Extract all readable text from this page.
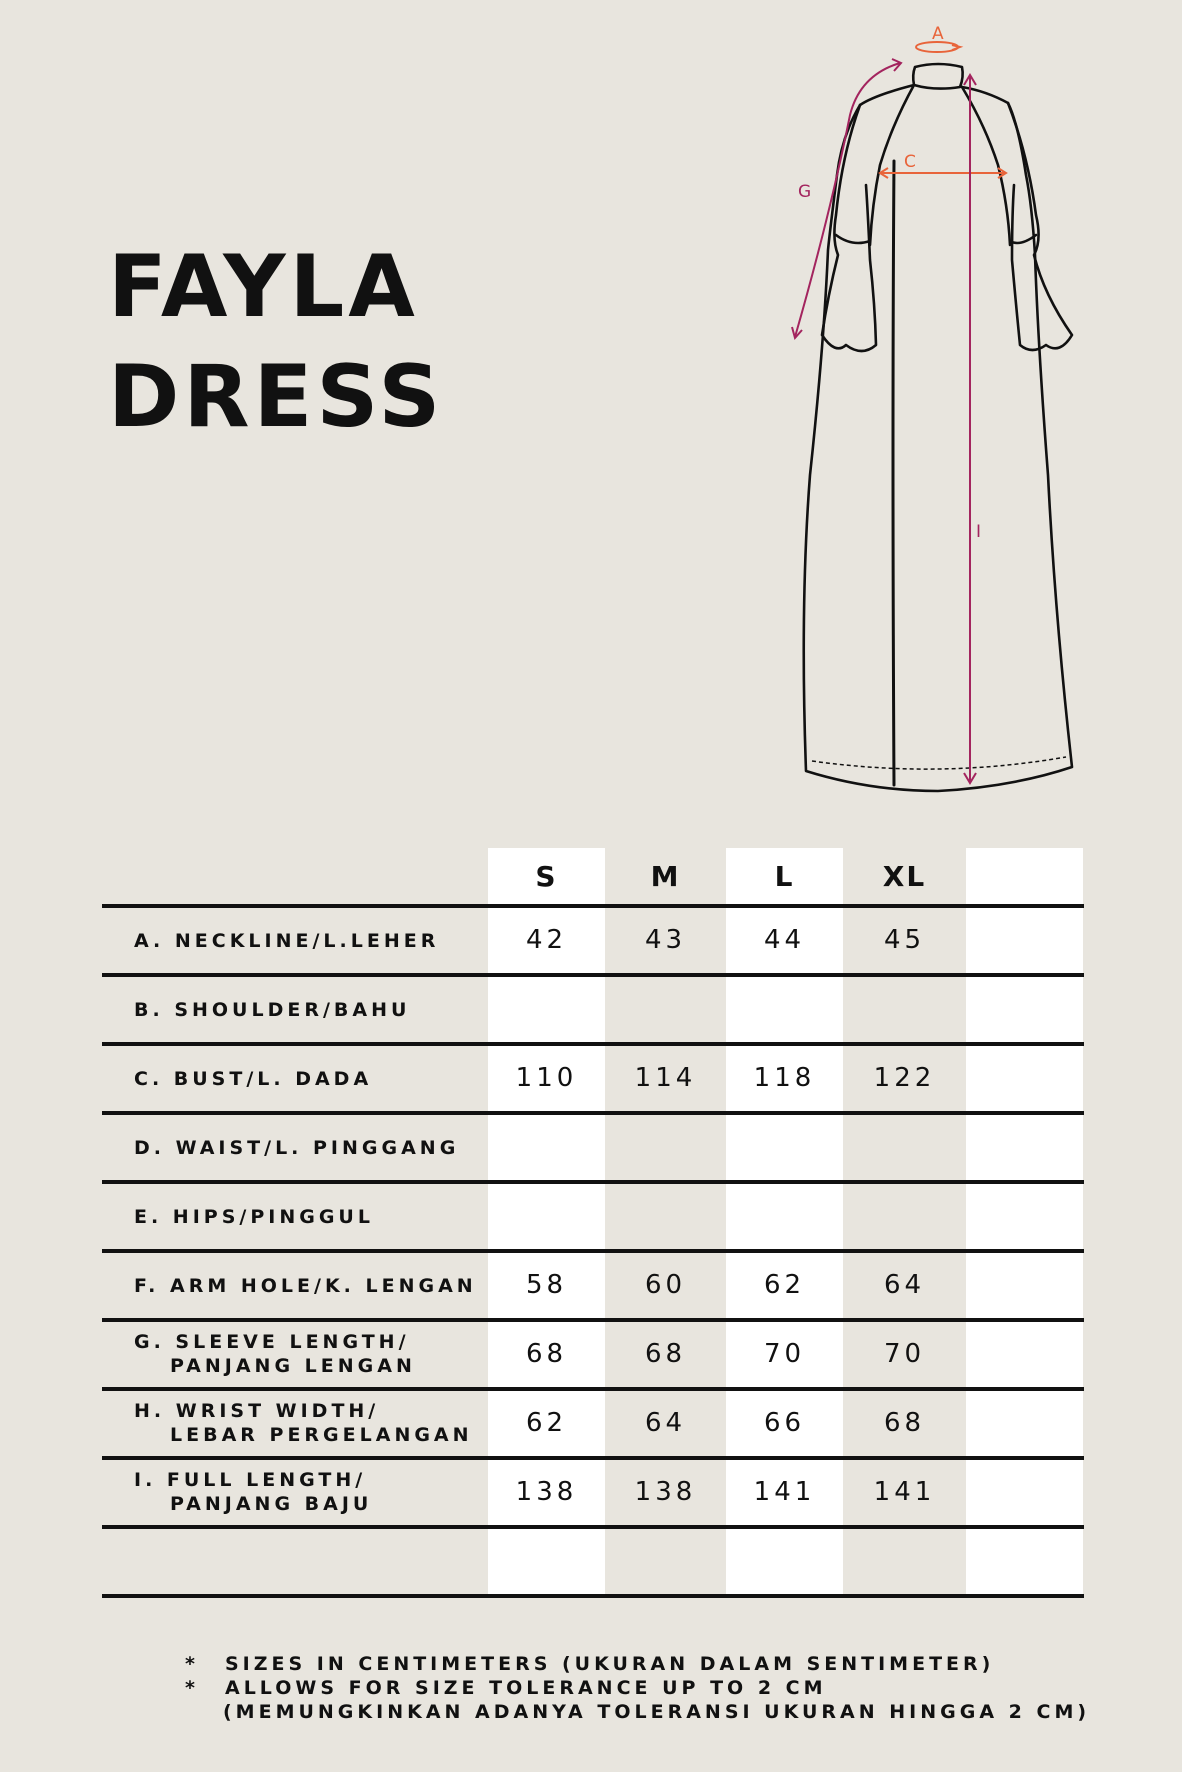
FAYLA
DRESS
A
C
G
I
S	M	L	XL
A. NECKLINE/L.LEHER	42	43	44	45
B. SHOULDER/BAHU
C. BUST/L. DADA	110	114	118	122
D. WAIST/L. PINGGANG
E. HIPS/PINGGUL
F. ARM HOLE/K. LENGAN	58	60	62	64
G. SLEEVE LENGTH/

PANJANG LENGAN	68	68	70	70
H. WRIST WIDTH/

LEBAR PERGELANGAN	62	64	66	68
I. FULL LENGTH/

PANJANG BAJU	138	138	141	141
* SIZES IN CENTIMETERS (UKURAN DALAM SENTIMETER)
* ALLOWS FOR SIZE TOLERANCE UP TO 2 CM
(MEMUNGKINKAN ADANYA TOLERANSI UKURAN HINGGA 2 CM)
